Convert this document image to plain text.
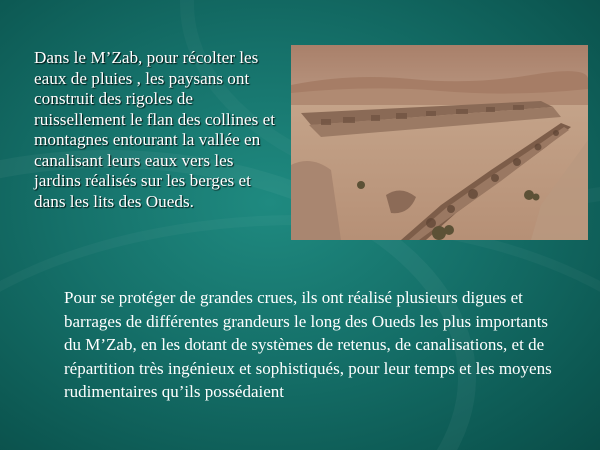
Dans le M’Zab, pour récolter les eaux de pluies , les paysans ont construit des rigoles de ruissellement le flan des collines et montagnes entourant la vallée en canalisant leurs eaux vers les jardins réalisés sur les berges et dans les lits des Oueds.

Pour se protéger de grandes crues, ils ont réalisé plusieurs digues et barrages de différentes grandeurs le long des Oueds les plus importants du M’Zab, en les dotant de systèmes de retenus, de canalisations, et de répartition très ingénieux et sophistiqués, pour leur temps et les moyens rudimentaires qu’ils possédaient
